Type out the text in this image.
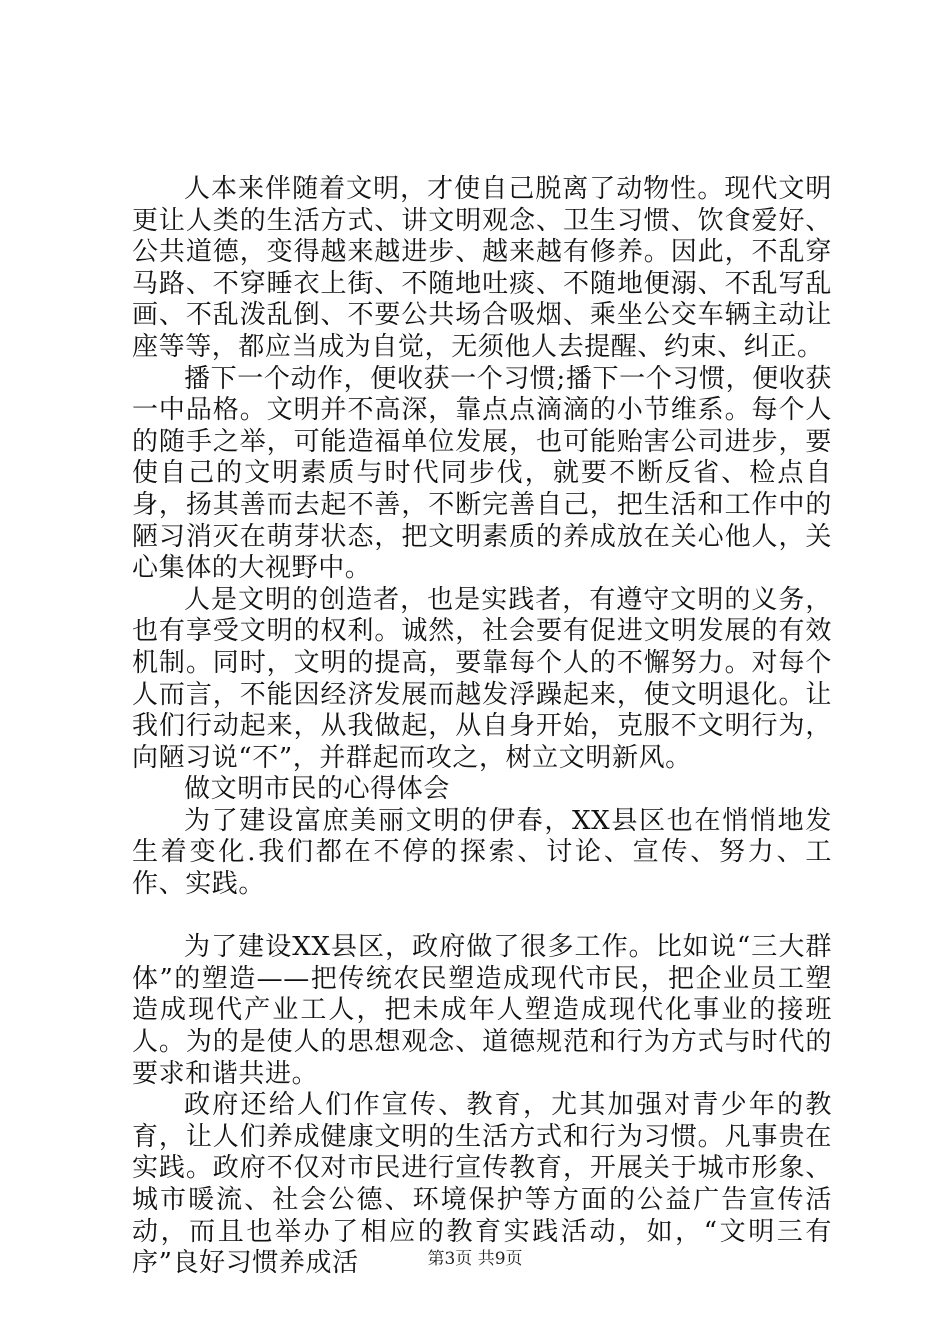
人本来伴随着文明，才使自己脱离了动物性。现代文明更让人类的生活方式、讲文明观念、卫生习惯、饮食爱好、公共道德，变得越来越进步、越来越有修养。因此，不乱穿马路、不穿睡衣上街、不随地吐痰、不随地便溺、不乱写乱画、不乱泼乱倒、不要公共场合吸烟、乘坐公交车辆主动让座等等，都应当成为自觉，无须他人去提醒、约束、纠正。

播下一个动作，便收获一个习惯;播下一个习惯，便收获一中品格。文明并不高深，靠点点滴滴的小节维系。每个人的随手之举，可能造福单位发展，也可能贻害公司进步，要使自己的文明素质与时代同步伐，就要不断反省、检点自身，扬其善而去起不善，不断完善自己，把生活和工作中的陋习消灭在萌芽状态，把文明素质的养成放在关心他人，关心集体的大视野中。

人是文明的创造者，也是实践者，有遵守文明的义务，也有享受文明的权利。诚然，社会要有促进文明发展的有效机制。同时，文明的提高，要靠每个人的不懈努力。对每个人而言，不能因经济发展而越发浮躁起来，使文明退化。让我们行动起来，从我做起，从自身开始，克服不文明行为，向陋习说“不”，并群起而攻之，树立文明新风。

做文明市民的心得体会

为了建设富庶美丽文明的伊春，XX县区也在悄悄地发生着变化.我们都在不停的探索、讨论、宣传、努力、工作、实践。

为了建设XX县区，政府做了很多工作。比如说“三大群体”的塑造——把传统农民塑造成现代市民，把企业员工塑造成现代产业工人，把未成年人塑造成现代化事业的接班人。为的是使人的思想观念、道德规范和行为方式与时代的要求和谐共进。

政府还给人们作宣传、教育，尤其加强对青少年的教育，让人们养成健康文明的生活方式和行为习惯。凡事贵在实践。政府不仅对市民进行宣传教育，开展关于城市形象、城市暖流、社会公德、环境保护等方面的公益广告宣传活动，而且也举办了相应的教育实践活动，如，“文明三有序”良好习惯养成活	第3页 共9页
